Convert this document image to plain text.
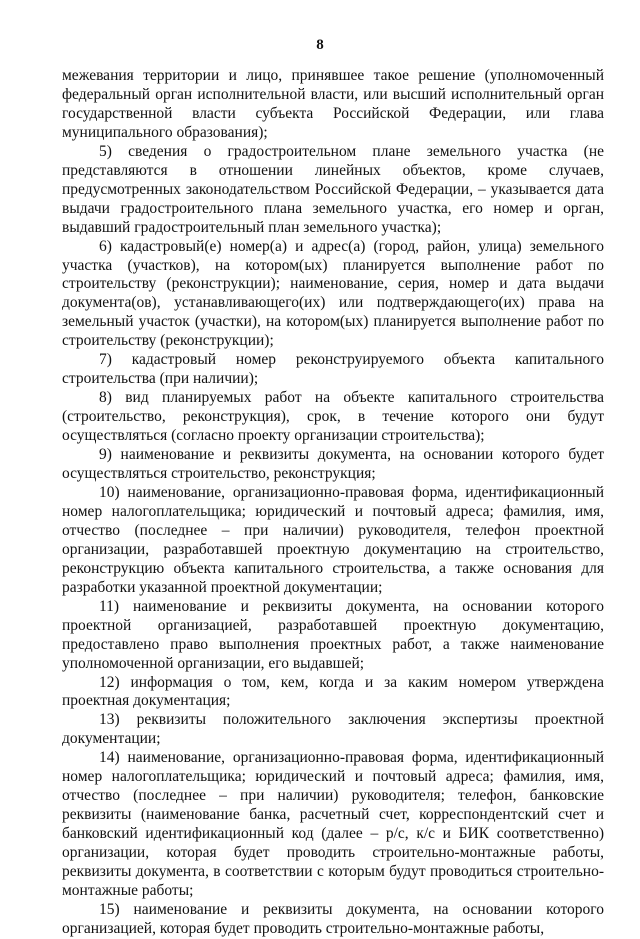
8

межевания территории и лицо, принявшее такое решение (уполномоченный федеральный орган исполнительной власти, или высший исполнительный орган государственной власти субъекта Российской Федерации, или глава муниципального образования);

5) сведения о градостроительном плане земельного участка (не представляются в отношении линейных объектов, кроме случаев, предусмотренных законодательством Российской Федерации, – указывается дата выдачи градостроительного плана земельного участка, его номер и орган, выдавший градостроительный план земельного участка);

6) кадастровый(е) номер(а) и адрес(а) (город, район, улица) земельного участка (участков), на котором(ых) планируется выполнение работ по строительству (реконструкции); наименование, серия, номер и дата выдачи документа(ов), устанавливающего(их) или подтверждающего(их) права на земельный участок (участки), на котором(ых) планируется выполнение работ по строительству (реконструкции);

7) кадастровый номер реконструируемого объекта капитального строительства (при наличии);

8) вид планируемых работ на объекте капитального строительства (строительство, реконструкция), срок, в течение которого они будут осуществляться (согласно проекту организации строительства);

9) наименование и реквизиты документа, на основании которого будет осуществляться строительство, реконструкция;

10) наименование, организационно-правовая форма, идентификационный номер налогоплательщика; юридический и почтовый адреса; фамилия, имя, отчество (последнее – при наличии) руководителя, телефон проектной организации, разработавшей проектную документацию на строительство, реконструкцию объекта капитального строительства, а также основания для разработки указанной проектной документации;

11) наименование и реквизиты документа, на основании которого проектной организацией, разработавшей проектную документацию, предоставлено право выполнения проектных работ, а также наименование уполномоченной организации, его выдавшей;

12) информация о том, кем, когда и за каким номером утверждена проектная документация;

13) реквизиты положительного заключения экспертизы проектной документации;

14) наименование, организационно-правовая форма, идентификационный номер налогоплательщика; юридический и почтовый адреса; фамилия, имя, отчество (последнее – при наличии) руководителя; телефон, банковские реквизиты (наименование банка, расчетный счет, корреспондентский счет и банковский идентификационный код (далее – р/с, к/с и БИК соответственно) организации, которая будет проводить строительно-монтажные работы, реквизиты документа, в соответствии с которым будут проводиться строительно-монтажные работы;

15) наименование и реквизиты документа, на основании которого организацией, которая будет проводить строительно-монтажные работы,
